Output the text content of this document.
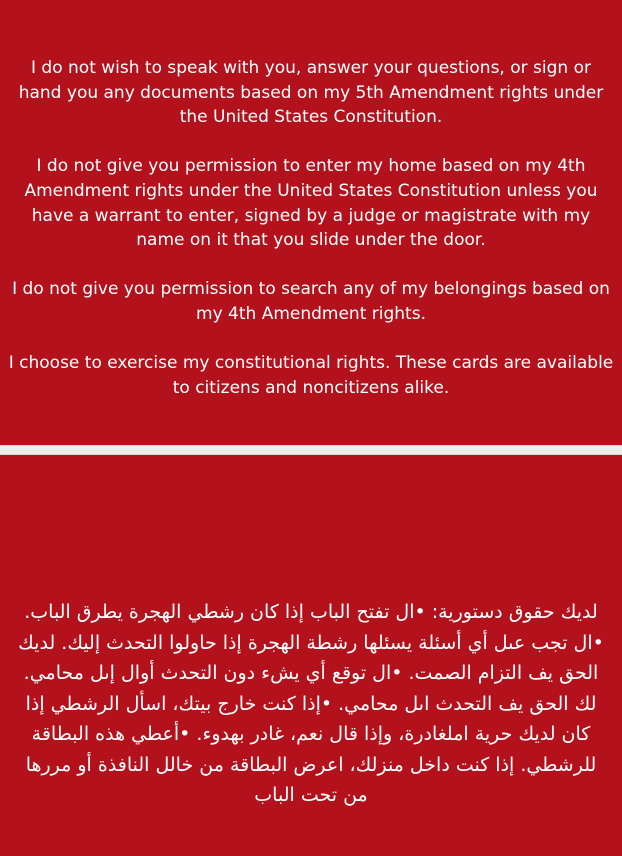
I do not wish to speak with you, answer your questions, or sign or hand you any documents based on my 5th Amendment rights under the United States Constitution.

I do not give you permission to enter my home based on my 4th Amendment rights under the United States Constitution unless you have a warrant to enter, signed by a judge or magistrate with my name on it that you slide under the door.

I do not give you permission to search any of my belongings based on my 4th Amendment rights.

I choose to exercise my constitutional rights. These cards are available to citizens and noncitizens alike.

لديك حقوق دستورية: •ال تفتح الباب إذا كان رشطي الهجرة يطرق الباب. •ال تجب عىل أي أسئلة يسئلها رشطة الهجرة إذا حاولوا التحدث إليك. لديك الحق يف التزام الصمت. •ال توقع أي يشء دون التحدث أوال إىل محامي. لك الحق يف التحدث اىل محامي. •إذا كنت خارج بيتك، اسأل الرشطي إذا كان لديك حرية املغادرة، وإذا قال نعم، غادر بهدوء. •أعطي هذه البطاقة للرشطي. إذا كنت داخل منزلك، اعرض البطاقة من خالل النافذة أو مررها من تحت الباب
